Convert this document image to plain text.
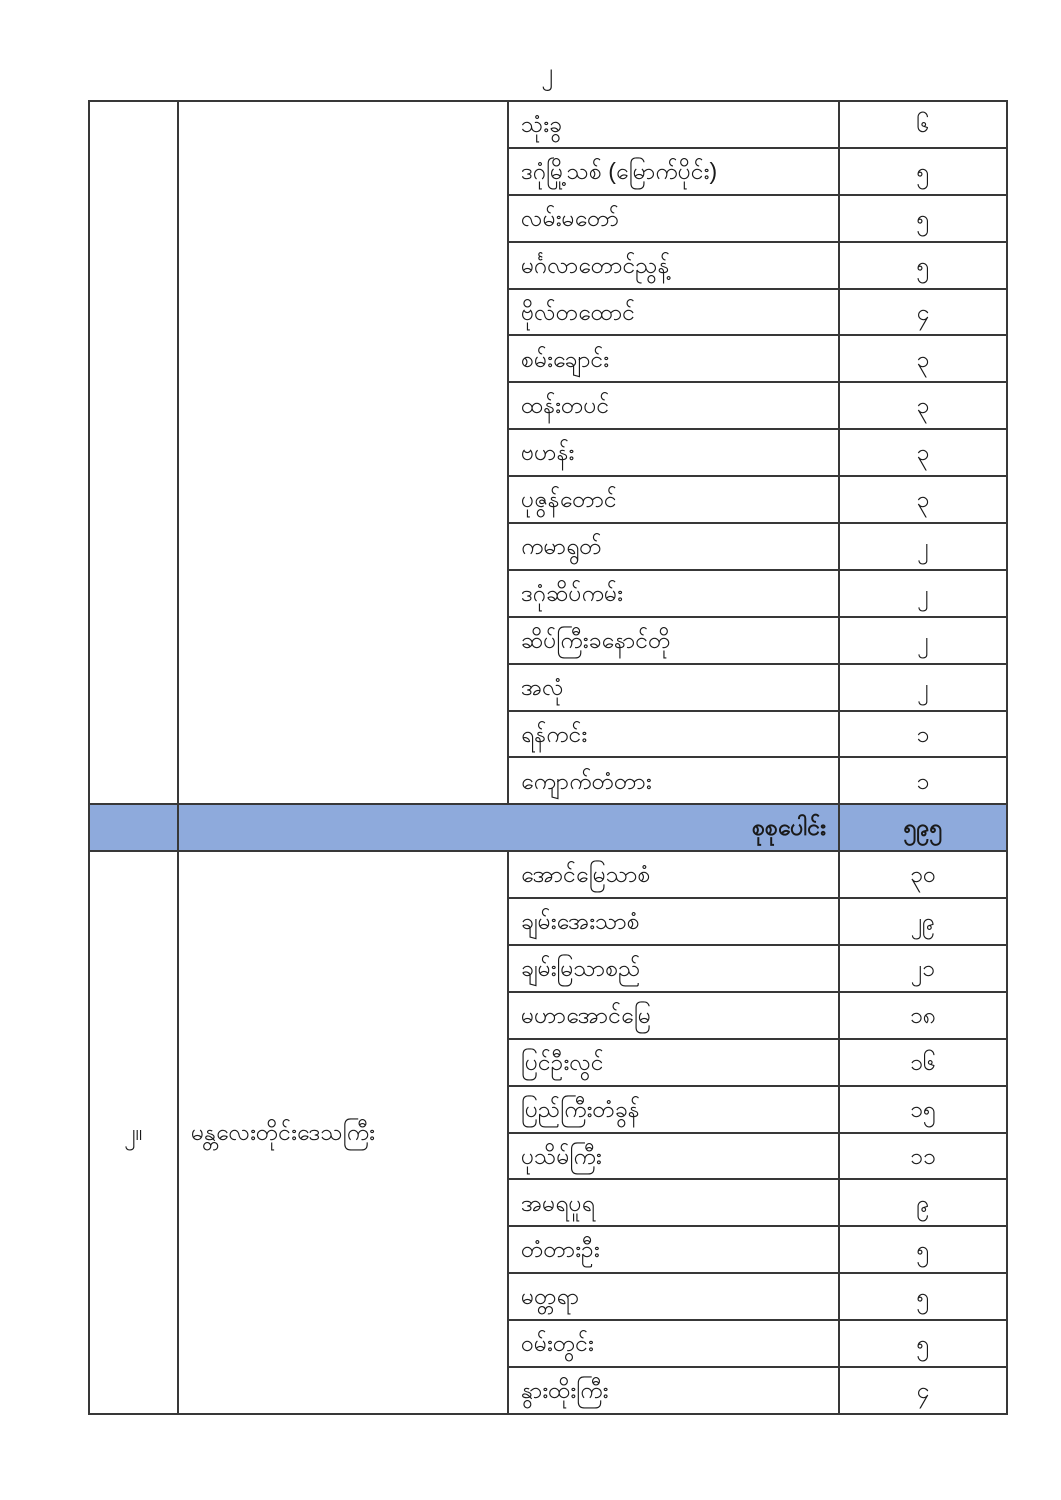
၂
		သုံးခွ	၆
		ဒဂုံမြို့သစ် (မြောက်ပိုင်း)	၅
		လမ်းမတော်	၅
		မင်္ဂလာတောင်ညွန့်	၅
		ဗိုလ်တထောင်	၄
		စမ်းချောင်း	၃
		ထန်းတပင်	၃
		ဗဟန်း	၃
		ပုဇွန်တောင်	၃
		ကမာရွတ်	၂
		ဒဂုံဆိပ်ကမ်း	၂
		ဆိပ်ကြီးခနောင်တို	၂
		အလုံ	၂
		ရန်ကင်း	၁
		ကျောက်တံတား	၁
	စုစုပေါင်း		၅၉၅
၂။	မန္တလေးတိုင်းဒေသကြီး	အောင်မြေသာစံ	၃၀
		ချမ်းအေးသာစံ	၂၉
		ချမ်းမြသာစည်	၂၁
		မဟာအောင်မြေ	၁၈
		ပြင်ဦးလွင်	၁၆
		ပြည်ကြီးတံခွန်	၁၅
		ပုသိမ်ကြီး	၁၁
		အမရပူရ	၉
		တံတားဦး	၅
		မတ္တရာ	၅
		ဝမ်းတွင်း	၅
		နွားထိုးကြီး	၄
